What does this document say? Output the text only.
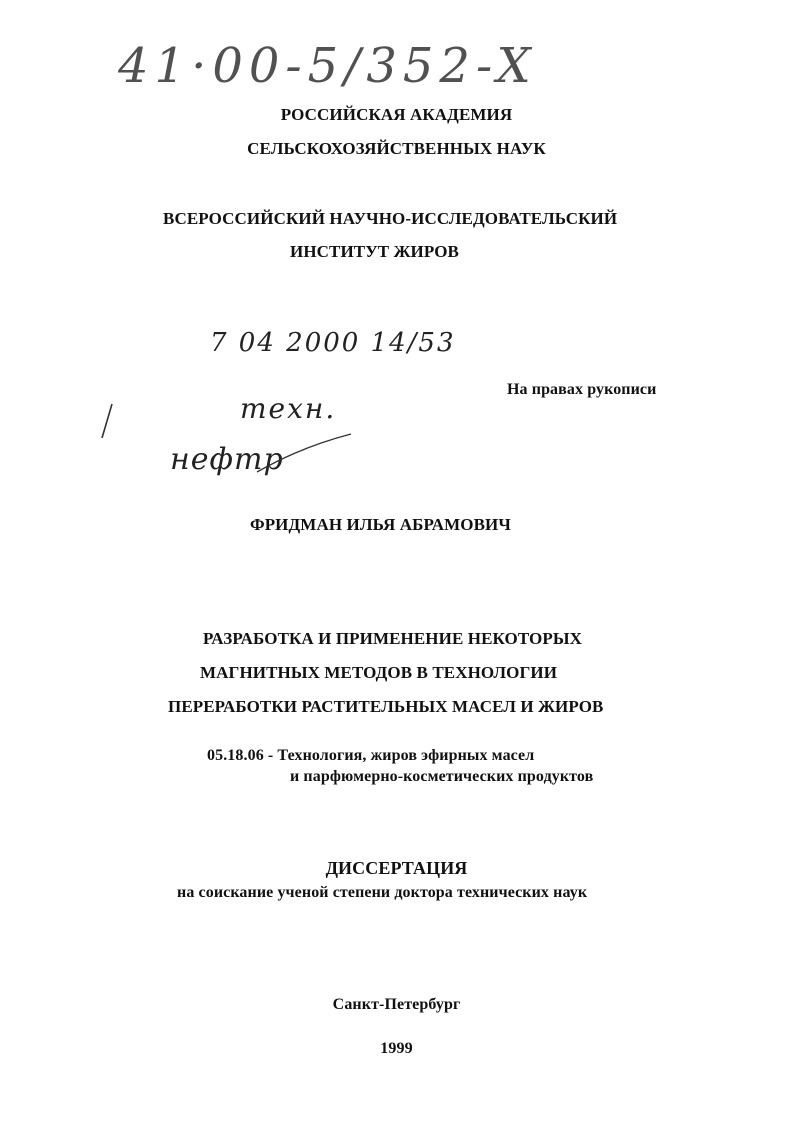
41·00-5/352-X
РОССИЙСКАЯ АКАДЕМИЯ
СЕЛЬСКОХОЗЯЙСТВЕННЫХ НАУК
ВСЕРОССИЙСКИЙ НАУЧНО-ИССЛЕДОВАТЕЛЬСКИЙ
ИНСТИТУТ ЖИРОВ
7 04 2000 14/53
На правах рукописи
техн.
нефтр
ФРИДМАН ИЛЬЯ АБРАМОВИЧ
РАЗРАБОТКА И ПРИМЕНЕНИЕ НЕКОТОРЫХ
МАГНИТНЫХ МЕТОДОВ В ТЕХНОЛОГИИ
ПЕРЕРАБОТКИ РАСТИТЕЛЬНЫХ МАСЕЛ И ЖИРОВ
05.18.06 - Технология, жиров эфирных масел
и парфюмерно-косметических продуктов
ДИССЕРТАЦИЯ
на соискание ученой степени доктора технических наук
Санкт-Петербург
1999
